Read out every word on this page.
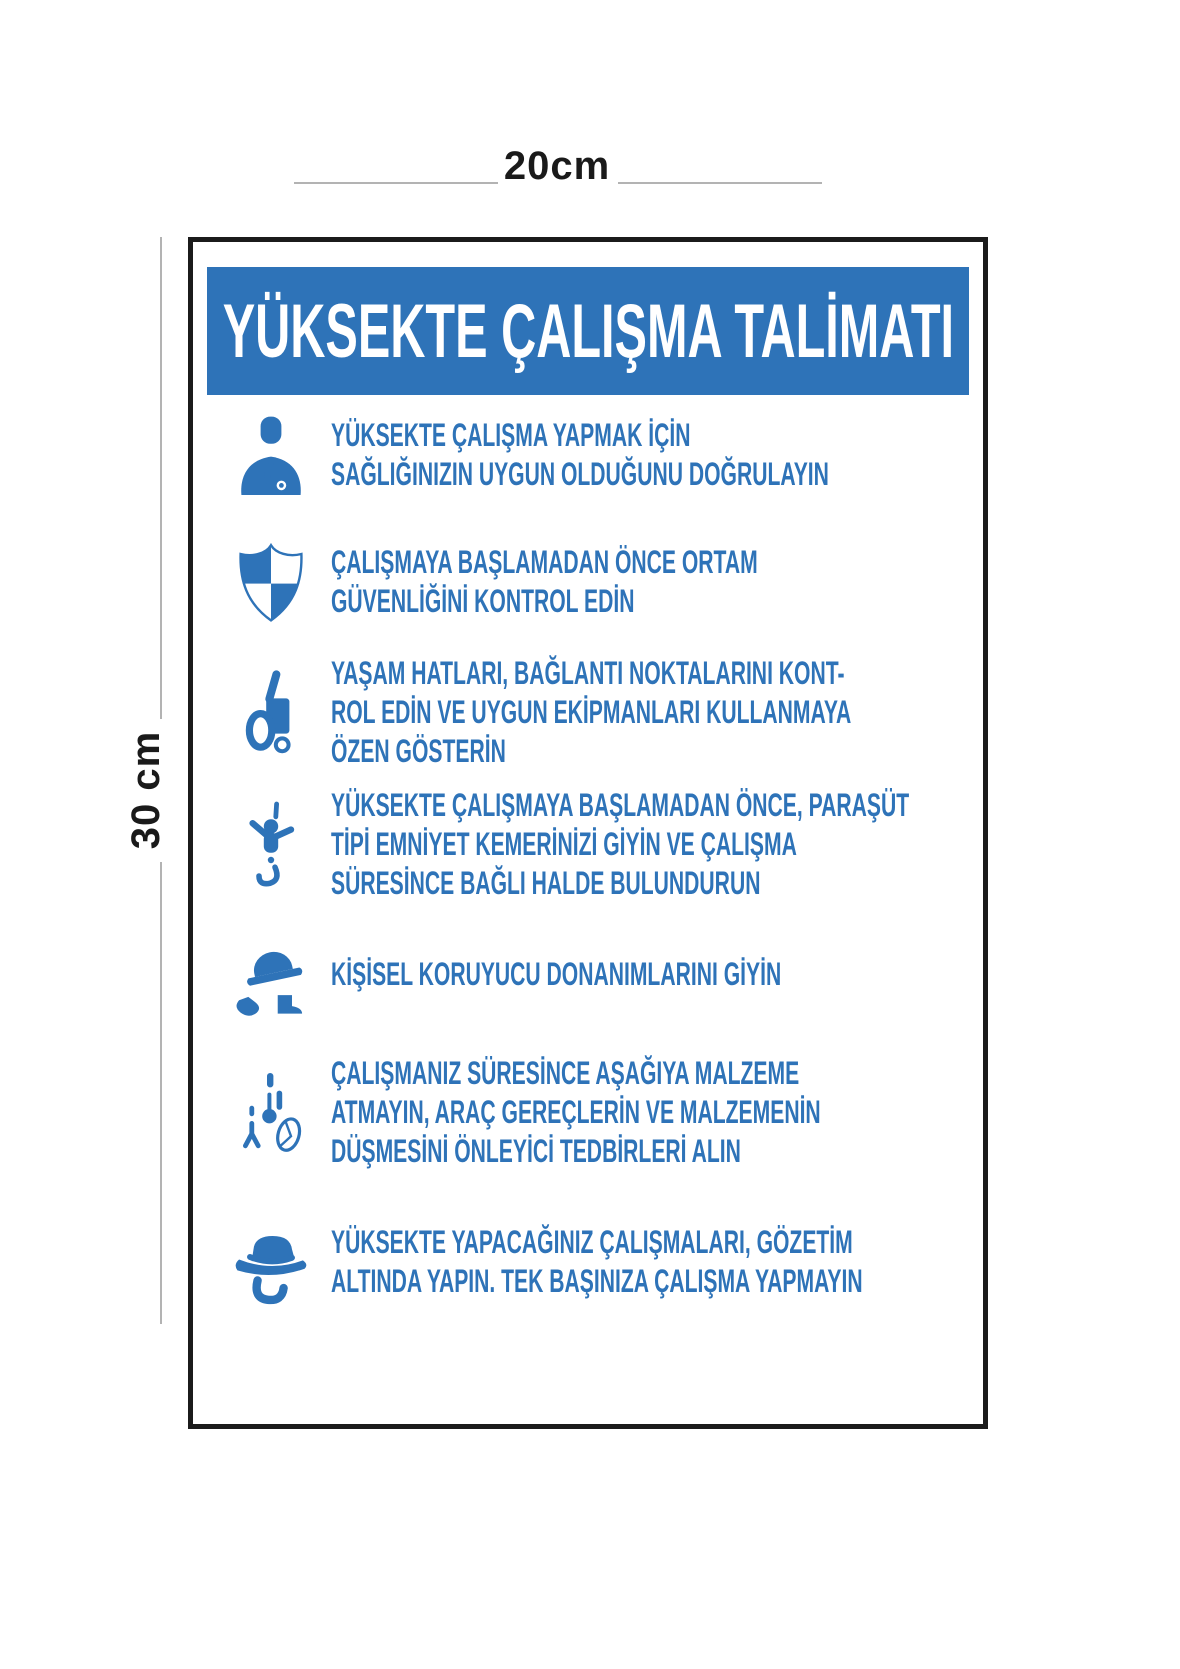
20cm
30 cm
YÜKSEKTE ÇALIŞMA TALİMATI
YÜKSEKTE ÇALIŞMA YAPMAK İÇİN
SAĞLIĞINIZIN UYGUN OLDUĞUNU DOĞRULAYIN
ÇALIŞMAYA BAŞLAMADAN ÖNCE ORTAM
GÜVENLİĞİNİ KONTROL EDİN
YAŞAM HATLARI, BAĞLANTI NOKTALARINI KONT-
ROL EDİN VE UYGUN EKİPMANLARI KULLANMAYA
ÖZEN GÖSTERİN
YÜKSEKTE ÇALIŞMAYA BAŞLAMADAN ÖNCE, PARAŞÜT
TİPİ EMNİYET KEMERİNİZİ GİYİN VE ÇALIŞMA
SÜRESİNCE BAĞLI HALDE BULUNDURUN
KİŞİSEL KORUYUCU DONANIMLARINI GİYİN
ÇALIŞMANIZ SÜRESİNCE AŞAĞIYA MALZEME
ATMAYIN, ARAÇ GEREÇLERİN VE MALZEMENİN
DÜŞMESİNİ ÖNLEYİCİ TEDBİRLERİ ALIN
YÜKSEKTE YAPACAĞINIZ ÇALIŞMALARI, GÖZETİM
ALTINDA YAPIN. TEK BAŞINIZA ÇALIŞMA YAPMAYIN
